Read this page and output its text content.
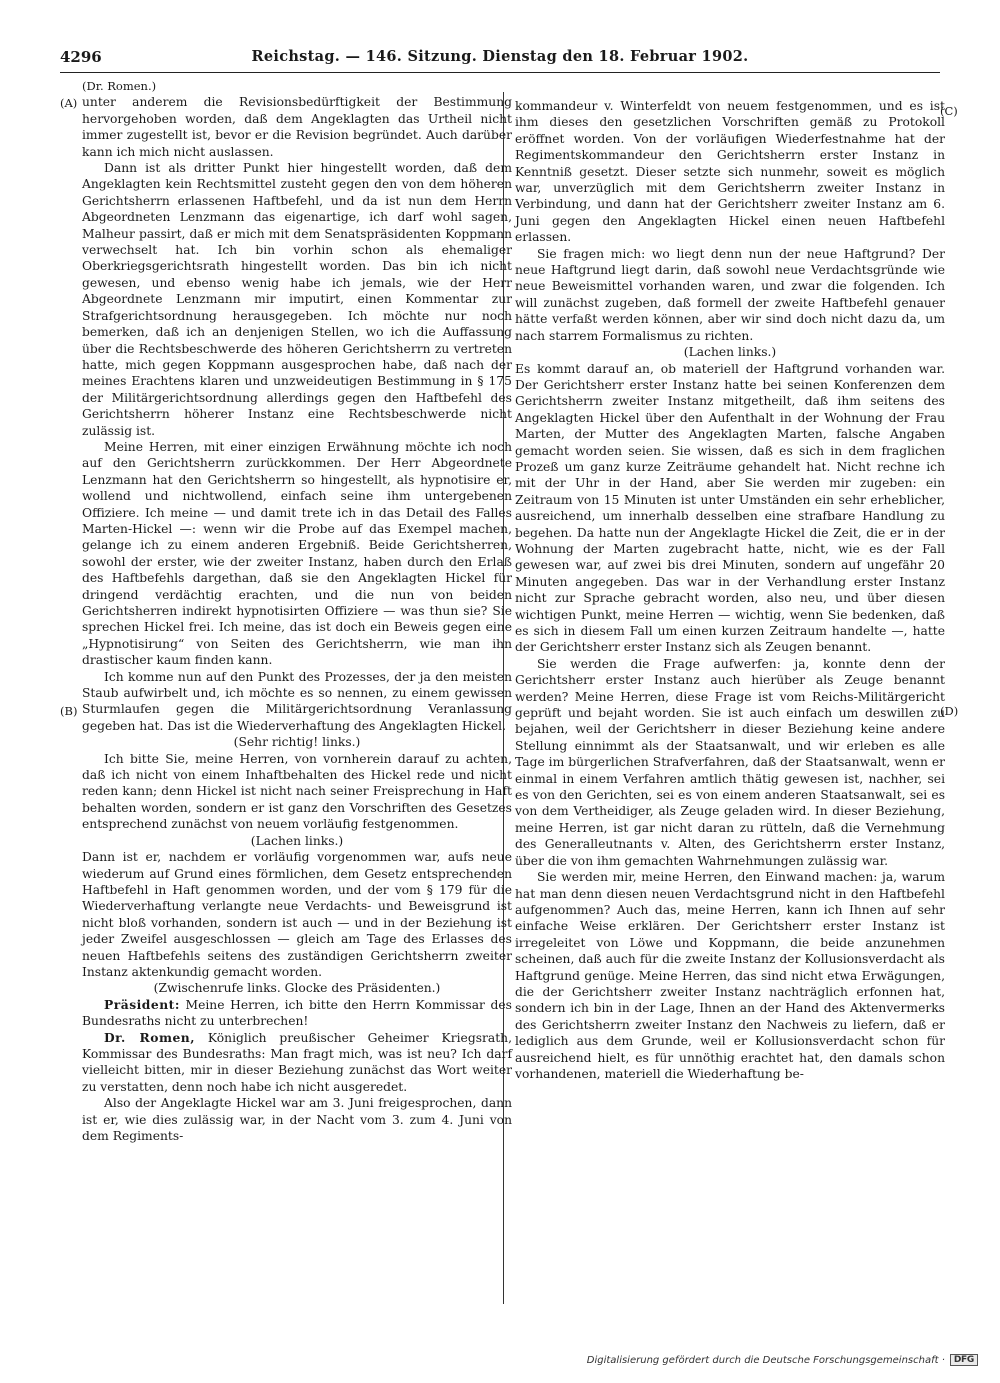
4296	Reichstag. — 146. Sitzung. Dienstag den 18. Februar 1902.
(A)
(B)
(C)
(D)

(Dr. Romen.)

unter anderem die Revisionsbedürftigkeit der Bestimmung hervorgehoben worden, daß dem Angeklagten das Urtheil nicht immer zugestellt ist, bevor er die Revision begründet. Auch darüber kann ich mich nicht auslassen.

Dann ist als dritter Punkt hier hingestellt worden, daß dem Angeklagten kein Rechtsmittel zusteht gegen den von dem höheren Gerichtsherrn erlassenen Haftbefehl, und da ist nun dem Herrn Abgeordneten Lenzmann das eigenartige, ich darf wohl sagen, Malheur passirt, daß er mich mit dem Senatspräsidenten Koppmann verwechselt hat. Ich bin vorhin schon als ehemaliger Oberkriegsgerichtsrath hingestellt worden. Das bin ich nicht gewesen, und ebenso wenig habe ich jemals, wie der Herr Abgeordnete Lenzmann mir imputirt, einen Kommentar zur Strafgerichtsordnung herausgegeben. Ich möchte nur noch bemerken, daß ich an denjenigen Stellen, wo ich die Auffassung über die Rechtsbeschwerde des höheren Gerichtsherrn zu vertreten hatte, mich gegen Koppmann ausgesprochen habe, daß nach der meines Erachtens klaren und unzweideutigen Bestimmung in § 175 der Militärgerichtsordnung allerdings gegen den Haftbefehl des Gerichtsherrn höherer Instanz eine Rechtsbeschwerde nicht zulässig ist.

Meine Herren, mit einer einzigen Erwähnung möchte ich noch auf den Gerichtsherrn zurückkommen. Der Herr Abgeordnete Lenzmann hat den Gerichtsherrn so hingestellt, als hypnotisire er, wollend und nichtwollend, einfach seine ihm untergebenen Offiziere. Ich meine — und damit trete ich in das Detail des Falles Marten-Hickel —: wenn wir die Probe auf das Exempel machen, gelange ich zu einem anderen Ergebniß. Beide Gerichtsherren, sowohl der erster, wie der zweiter Instanz, haben durch den Erlaß des Haftbefehls dargethan, daß sie den Angeklagten Hickel für dringend verdächtig erachten, und die nun von beiden Gerichtsherren indirekt hypnotisirten Offiziere — was thun sie? Sie sprechen Hickel frei. Ich meine, das ist doch ein Beweis gegen eine „Hypnotisirung“ von Seiten des Gerichtsherrn, wie man ihn drastischer kaum finden kann.

Ich komme nun auf den Punkt des Prozesses, der ja den meisten Staub aufwirbelt und, ich möchte es so nennen, zu einem gewissen Sturmlaufen gegen die Militärgerichtsordnung Veranlassung gegeben hat. Das ist die Wiederverhaftung des Angeklagten Hickel.

(Sehr richtig! links.)

Ich bitte Sie, meine Herren, von vornherein darauf zu achten, daß ich nicht von einem Inhaftbehalten des Hickel rede und nicht reden kann; denn Hickel ist nicht nach seiner Freisprechung in Haft behalten worden, sondern er ist ganz den Vorschriften des Gesetzes entsprechend zunächst von neuem vorläufig festgenommen.

(Lachen links.)

Dann ist er, nachdem er vorläufig vorgenommen war, aufs neue wiederum auf Grund eines förmlichen, dem Gesetz entsprechenden Haftbefehl in Haft genommen worden, und der vom § 179 für die Wiederverhaftung verlangte neue Verdachts- und Beweisgrund ist nicht bloß vorhanden, sondern ist auch — und in der Beziehung ist jeder Zweifel ausgeschlossen — gleich am Tage des Erlasses des neuen Haftbefehls seitens des zuständigen Gerichtsherrn zweiter Instanz aktenkundig gemacht worden.

(Zwischenrufe links. Glocke des Präsidenten.)

Präsident: Meine Herren, ich bitte den Herrn Kommissar des Bundesraths nicht zu unterbrechen!

Dr. Romen, Königlich preußischer Geheimer Kriegsrath, Kommissar des Bundesraths: Man fragt mich, was ist neu? Ich darf vielleicht bitten, mir in dieser Beziehung zunächst das Wort weiter zu verstatten, denn noch habe ich nicht ausgeredet.

Also der Angeklagte Hickel war am 3. Juni freigesprochen, dann ist er, wie dies zulässig war, in der Nacht vom 3. zum 4. Juni von dem Regiments-

kommandeur v. Winterfeldt von neuem festgenommen, und es ist ihm dieses den gesetzlichen Vorschriften gemäß zu Protokoll eröffnet worden. Von der vorläufigen Wiederfestnahme hat der Regimentskommandeur den Gerichtsherrn erster Instanz in Kenntniß gesetzt. Dieser setzte sich nunmehr, soweit es möglich war, unverzüglich mit dem Gerichtsherrn zweiter Instanz in Verbindung, und dann hat der Gerichtsherr zweiter Instanz am 6. Juni gegen den Angeklagten Hickel einen neuen Haftbefehl erlassen.

Sie fragen mich: wo liegt denn nun der neue Haftgrund? Der neue Haftgrund liegt darin, daß sowohl neue Verdachtsgründe wie neue Beweismittel vorhanden waren, und zwar die folgenden. Ich will zunächst zugeben, daß formell der zweite Haftbefehl genauer hätte verfaßt werden können, aber wir sind doch nicht dazu da, um nach starrem Formalismus zu richten.

(Lachen links.)

Es kommt darauf an, ob materiell der Haftgrund vorhanden war. Der Gerichtsherr erster Instanz hatte bei seinen Konferenzen dem Gerichtsherrn zweiter Instanz mitgetheilt, daß ihm seitens des Angeklagten Hickel über den Aufenthalt in der Wohnung der Frau Marten, der Mutter des Angeklagten Marten, falsche Angaben gemacht worden seien. Sie wissen, daß es sich in dem fraglichen Prozeß um ganz kurze Zeiträume gehandelt hat. Nicht rechne ich mit der Uhr in der Hand, aber Sie werden mir zugeben: ein Zeitraum von 15 Minuten ist unter Umständen ein sehr erheblicher, ausreichend, um innerhalb desselben eine strafbare Handlung zu begehen. Da hatte nun der Angeklagte Hickel die Zeit, die er in der Wohnung der Marten zugebracht hatte, nicht, wie es der Fall gewesen war, auf zwei bis drei Minuten, sondern auf ungefähr 20 Minuten angegeben. Das war in der Verhandlung erster Instanz nicht zur Sprache gebracht worden, also neu, und über diesen wichtigen Punkt, meine Herren — wichtig, wenn Sie bedenken, daß es sich in diesem Fall um einen kurzen Zeitraum handelte —, hatte der Gerichtsherr erster Instanz sich als Zeugen benannt.

Sie werden die Frage aufwerfen: ja, konnte denn der Gerichtsherr erster Instanz auch hierüber als Zeuge benannt werden? Meine Herren, diese Frage ist vom Reichs-Militärgericht geprüft und bejaht worden. Sie ist auch einfach um deswillen zu bejahen, weil der Gerichtsherr in dieser Beziehung keine andere Stellung einnimmt als der Staatsanwalt, und wir erleben es alle Tage im bürgerlichen Strafverfahren, daß der Staatsanwalt, wenn er einmal in einem Verfahren amtlich thätig gewesen ist, nachher, sei es von den Gerichten, sei es von einem anderen Staatsanwalt, sei es von dem Vertheidiger, als Zeuge geladen wird. In dieser Beziehung, meine Herren, ist gar nicht daran zu rütteln, daß die Vernehmung des Generalleutnants v. Alten, des Gerichtsherrn erster Instanz, über die von ihm gemachten Wahrnehmungen zulässig war.

Sie werden mir, meine Herren, den Einwand machen: ja, warum hat man denn diesen neuen Verdachtsgrund nicht in den Haftbefehl aufgenommen? Auch das, meine Herren, kann ich Ihnen auf sehr einfache Weise erklären. Der Gerichtsherr erster Instanz ist irregeleitet von Löwe und Koppmann, die beide anzunehmen scheinen, daß auch für die zweite Instanz der Kollusionsverdacht als Haftgrund genüge. Meine Herren, das sind nicht etwa Erwägungen, die der Gerichtsherr zweiter Instanz nachträglich erfonnen hat, sondern ich bin in der Lage, Ihnen an der Hand des Aktenvermerks des Gerichtsherrn zweiter Instanz den Nachweis zu liefern, daß er lediglich aus dem Grunde, weil er Kollusionsverdacht schon für ausreichend hielt, es für unnöthig erachtet hat, den damals schon vorhandenen, materiell die Wiederhaftung be-

Digitalisierung gefördert durch die Deutsche Forschungsgemeinschaft ·	DFG
